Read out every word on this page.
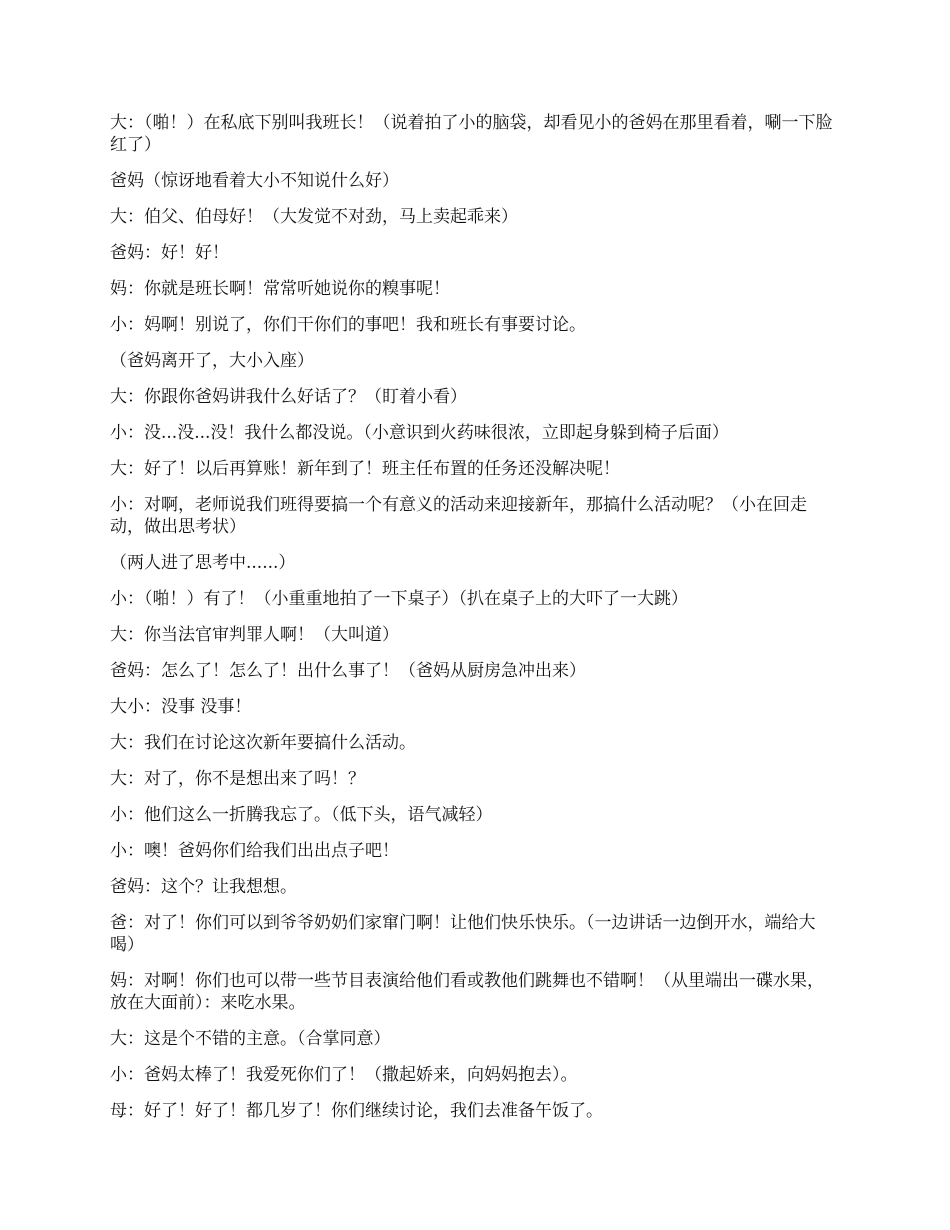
大：（啪！）在私底下别叫我班长！（说着拍了小的脑袋，却看见小的爸妈在那里看着，唰一下脸红了）

爸妈（惊讶地看着大小不知说什么好）

大：伯父、伯母好！（大发觉不对劲，马上卖起乖来）

爸妈：好！好！

妈：你就是班长啊！常常听她说你的糗事呢！

小：妈啊！别说了，你们干你们的事吧！我和班长有事要讨论。

（爸妈离开了，大小入座）

大：你跟你爸妈讲我什么好话了？（盯着小看）

小：没...没...没！我什么都没说。（小意识到火药味很浓，立即起身躲到椅子后面）

大：好了！以后再算账！新年到了！班主任布置的任务还没解决呢！

小：对啊，老师说我们班得要搞一个有意义的活动来迎接新年，那搞什么活动呢？（小在回走动，做出思考状）

（两人进了思考中......）

小：（啪！）有了！（小重重地拍了一下桌子）（扒在桌子上的大吓了一大跳）

大：你当法官审判罪人啊！（大叫道）

爸妈：怎么了！怎么了！出什么事了！（爸妈从厨房急冲出来）

大小：没事 没事！

大：我们在讨论这次新年要搞什么活动。

大：对了，你不是想出来了吗！？

小：他们这么一折腾我忘了。（低下头，语气减轻）

小：噢！爸妈你们给我们出出点子吧！

爸妈：这个？让我想想。

爸：对了！你们可以到爷爷奶奶们家窜门啊！让他们快乐快乐。（一边讲话一边倒开水，端给大喝）

妈：对啊！你们也可以带一些节目表演给他们看或教他们跳舞也不错啊！（从里端出一碟水果，放在大面前）：来吃水果。

大：这是个不错的主意。（合掌同意）

小：爸妈太棒了！我爱死你们了！（撒起娇来，向妈妈抱去）。

母：好了！好了！都几岁了！你们继续讨论，我们去准备午饭了。
